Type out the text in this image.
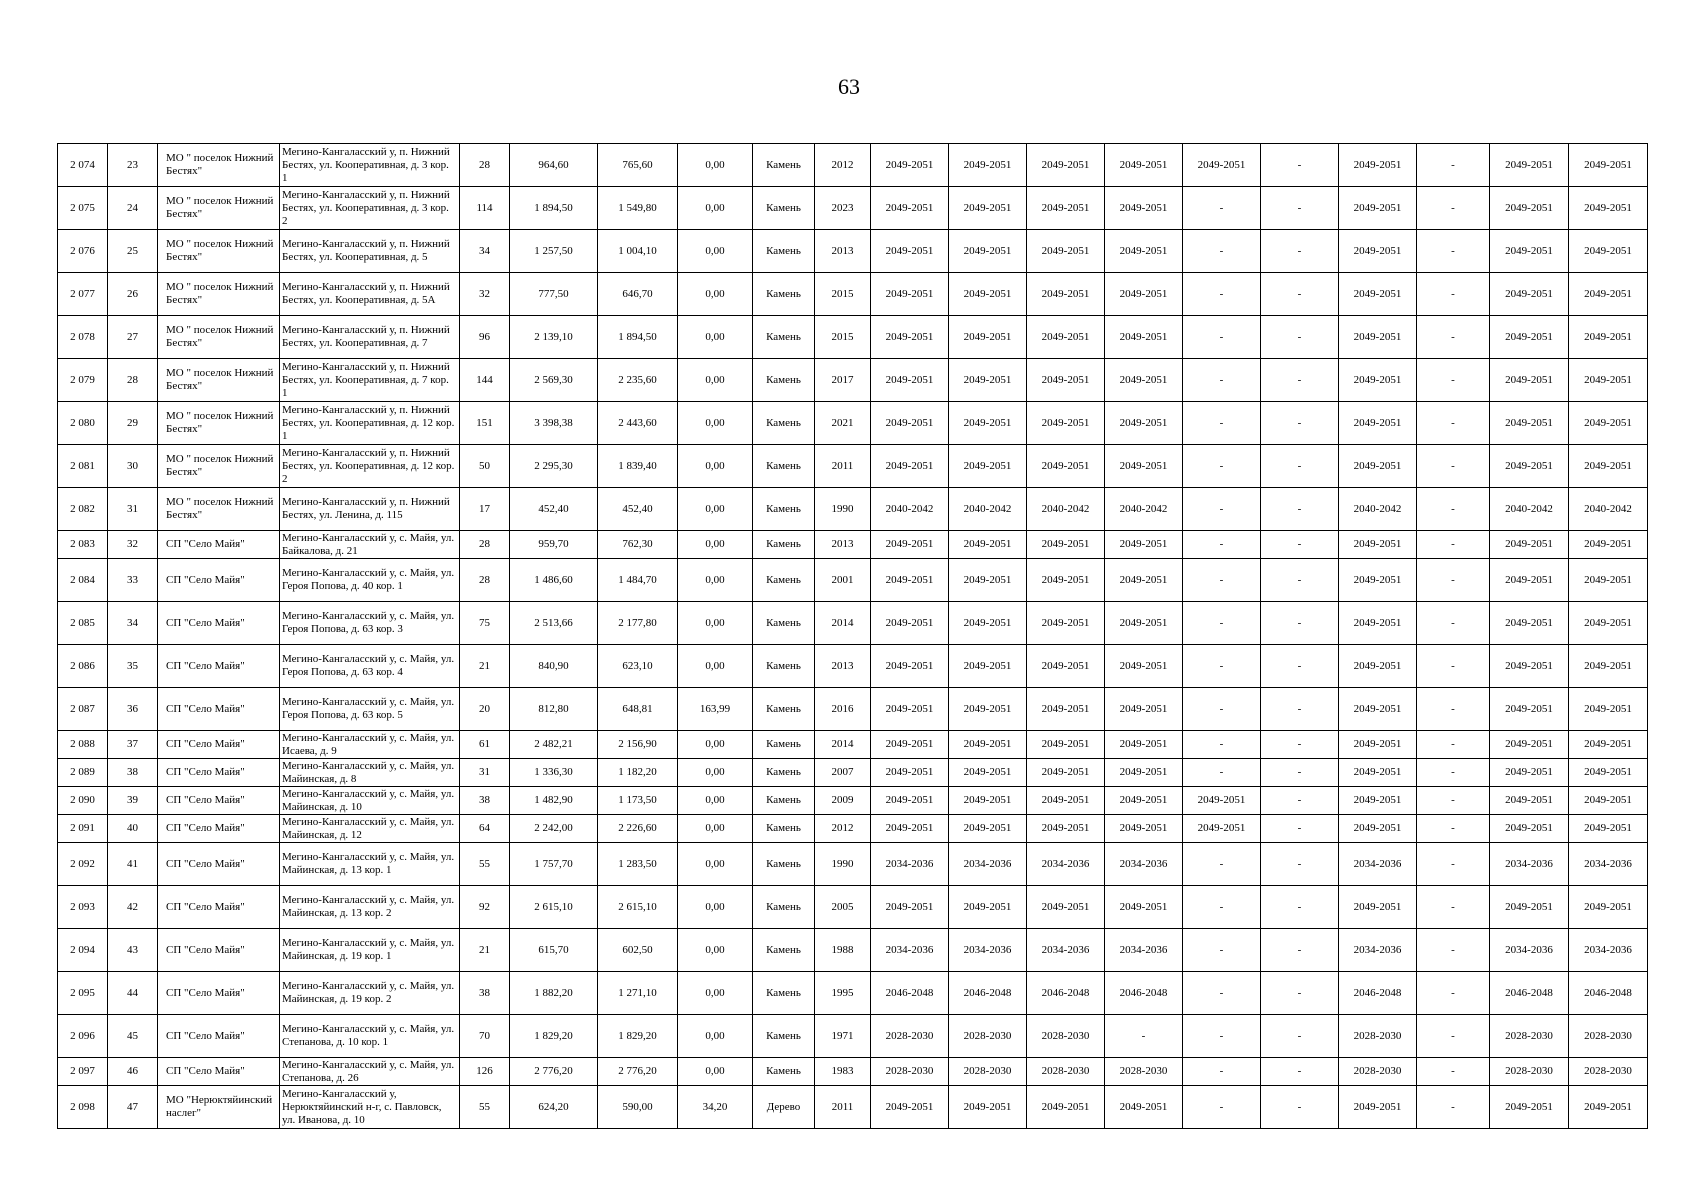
63
2 074	23	МО " поселок Нижний Бестях"	Мегино-Кангаласский у, п. Нижний Бестях, ул. Кооперативная, д. 3 кор. 1	28	964,60	765,60	0,00	Камень	2012	2049-2051	2049-2051	2049-2051	2049-2051	2049-2051	-	2049-2051	-	2049-2051	2049-2051
2 075	24	МО " поселок Нижний Бестях"	Мегино-Кангаласский у, п. Нижний Бестях, ул. Кооперативная, д. 3 кор. 2	114	1 894,50	1 549,80	0,00	Камень	2023	2049-2051	2049-2051	2049-2051	2049-2051	-	-	2049-2051	-	2049-2051	2049-2051
2 076	25	МО " поселок Нижний Бестях"	Мегино-Кангаласский у, п. Нижний Бестях, ул. Кооперативная, д. 5	34	1 257,50	1 004,10	0,00	Камень	2013	2049-2051	2049-2051	2049-2051	2049-2051	-	-	2049-2051	-	2049-2051	2049-2051
2 077	26	МО " поселок Нижний Бестях"	Мегино-Кангаласский у, п. Нижний Бестях, ул. Кооперативная, д. 5А	32	777,50	646,70	0,00	Камень	2015	2049-2051	2049-2051	2049-2051	2049-2051	-	-	2049-2051	-	2049-2051	2049-2051
2 078	27	МО " поселок Нижний Бестях"	Мегино-Кангаласский у, п. Нижний Бестях, ул. Кооперативная, д. 7	96	2 139,10	1 894,50	0,00	Камень	2015	2049-2051	2049-2051	2049-2051	2049-2051	-	-	2049-2051	-	2049-2051	2049-2051
2 079	28	МО " поселок Нижний Бестях"	Мегино-Кангаласский у, п. Нижний Бестях, ул. Кооперативная, д. 7 кор. 1	144	2 569,30	2 235,60	0,00	Камень	2017	2049-2051	2049-2051	2049-2051	2049-2051	-	-	2049-2051	-	2049-2051	2049-2051
2 080	29	МО " поселок Нижний Бестях"	Мегино-Кангаласский у, п. Нижний Бестях, ул. Кооперативная, д. 12 кор. 1	151	3 398,38	2 443,60	0,00	Камень	2021	2049-2051	2049-2051	2049-2051	2049-2051	-	-	2049-2051	-	2049-2051	2049-2051
2 081	30	МО " поселок Нижний Бестях"	Мегино-Кангаласский у, п. Нижний Бестях, ул. Кооперативная, д. 12 кор. 2	50	2 295,30	1 839,40	0,00	Камень	2011	2049-2051	2049-2051	2049-2051	2049-2051	-	-	2049-2051	-	2049-2051	2049-2051
2 082	31	МО " поселок Нижний Бестях"	Мегино-Кангаласский у, п. Нижний Бестях, ул. Ленина, д. 115	17	452,40	452,40	0,00	Камень	1990	2040-2042	2040-2042	2040-2042	2040-2042	-	-	2040-2042	-	2040-2042	2040-2042
2 083	32	СП "Село Майя"	Мегино-Кангаласский у, с. Майя, ул. Байкалова, д. 21	28	959,70	762,30	0,00	Камень	2013	2049-2051	2049-2051	2049-2051	2049-2051	-	-	2049-2051	-	2049-2051	2049-2051
2 084	33	СП "Село Майя"	Мегино-Кангаласский у, с. Майя, ул. Героя Попова, д. 40 кор. 1	28	1 486,60	1 484,70	0,00	Камень	2001	2049-2051	2049-2051	2049-2051	2049-2051	-	-	2049-2051	-	2049-2051	2049-2051
2 085	34	СП "Село Майя"	Мегино-Кангаласский у, с. Майя, ул. Героя Попова, д. 63 кор. 3	75	2 513,66	2 177,80	0,00	Камень	2014	2049-2051	2049-2051	2049-2051	2049-2051	-	-	2049-2051	-	2049-2051	2049-2051
2 086	35	СП "Село Майя"	Мегино-Кангаласский у, с. Майя, ул. Героя Попова, д. 63 кор. 4	21	840,90	623,10	0,00	Камень	2013	2049-2051	2049-2051	2049-2051	2049-2051	-	-	2049-2051	-	2049-2051	2049-2051
2 087	36	СП "Село Майя"	Мегино-Кангаласский у, с. Майя, ул. Героя Попова, д. 63 кор. 5	20	812,80	648,81	163,99	Камень	2016	2049-2051	2049-2051	2049-2051	2049-2051	-	-	2049-2051	-	2049-2051	2049-2051
2 088	37	СП "Село Майя"	Мегино-Кангаласский у, с. Майя, ул. Исаева, д. 9	61	2 482,21	2 156,90	0,00	Камень	2014	2049-2051	2049-2051	2049-2051	2049-2051	-	-	2049-2051	-	2049-2051	2049-2051
2 089	38	СП "Село Майя"	Мегино-Кангаласский у, с. Майя, ул. Майинская, д. 8	31	1 336,30	1 182,20	0,00	Камень	2007	2049-2051	2049-2051	2049-2051	2049-2051	-	-	2049-2051	-	2049-2051	2049-2051
2 090	39	СП "Село Майя"	Мегино-Кангаласский у, с. Майя, ул. Майинская, д. 10	38	1 482,90	1 173,50	0,00	Камень	2009	2049-2051	2049-2051	2049-2051	2049-2051	2049-2051	-	2049-2051	-	2049-2051	2049-2051
2 091	40	СП "Село Майя"	Мегино-Кангаласский у, с. Майя, ул. Майинская, д. 12	64	2 242,00	2 226,60	0,00	Камень	2012	2049-2051	2049-2051	2049-2051	2049-2051	2049-2051	-	2049-2051	-	2049-2051	2049-2051
2 092	41	СП "Село Майя"	Мегино-Кангаласский у, с. Майя, ул. Майинская, д. 13 кор. 1	55	1 757,70	1 283,50	0,00	Камень	1990	2034-2036	2034-2036	2034-2036	2034-2036	-	-	2034-2036	-	2034-2036	2034-2036
2 093	42	СП "Село Майя"	Мегино-Кангаласский у, с. Майя, ул. Майинская, д. 13 кор. 2	92	2 615,10	2 615,10	0,00	Камень	2005	2049-2051	2049-2051	2049-2051	2049-2051	-	-	2049-2051	-	2049-2051	2049-2051
2 094	43	СП "Село Майя"	Мегино-Кангаласский у, с. Майя, ул. Майинская, д. 19 кор. 1	21	615,70	602,50	0,00	Камень	1988	2034-2036	2034-2036	2034-2036	2034-2036	-	-	2034-2036	-	2034-2036	2034-2036
2 095	44	СП "Село Майя"	Мегино-Кангаласский у, с. Майя, ул. Майинская, д. 19 кор. 2	38	1 882,20	1 271,10	0,00	Камень	1995	2046-2048	2046-2048	2046-2048	2046-2048	-	-	2046-2048	-	2046-2048	2046-2048
2 096	45	СП "Село Майя"	Мегино-Кангаласский у, с. Майя, ул. Степанова, д. 10 кор. 1	70	1 829,20	1 829,20	0,00	Камень	1971	2028-2030	2028-2030	2028-2030	-	-	-	2028-2030	-	2028-2030	2028-2030
2 097	46	СП "Село Майя"	Мегино-Кангаласский у, с. Майя, ул. Степанова, д. 26	126	2 776,20	2 776,20	0,00	Камень	1983	2028-2030	2028-2030	2028-2030	2028-2030	-	-	2028-2030	-	2028-2030	2028-2030
2 098	47	МО "Нерюктяйинский наслег"	Мегино-Кангаласский у, Нерюктяйинский н-г, с. Павловск, ул. Иванова, д. 10	55	624,20	590,00	34,20	Дерево	2011	2049-2051	2049-2051	2049-2051	2049-2051	-	-	2049-2051	-	2049-2051	2049-2051
